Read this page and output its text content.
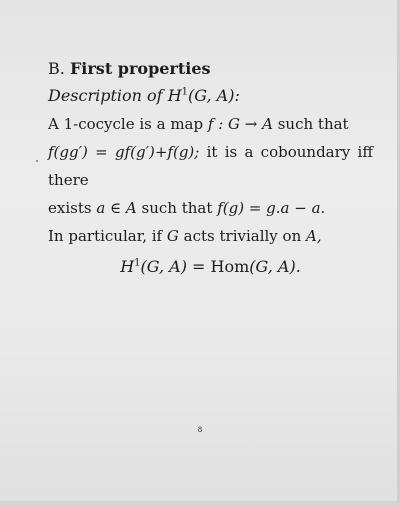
B. First properties

Description of $H^1(G$, A):

A 1-cocycle is a map f : G → A such that

f(gg′) = gf(g′)+f(g); it is a coboundary iff there

exists a ∈ A such that f(g) = g.a − a.

In particular, if G acts trivially on A,

$H^1(G$, A) = Hom(G, A).

8
